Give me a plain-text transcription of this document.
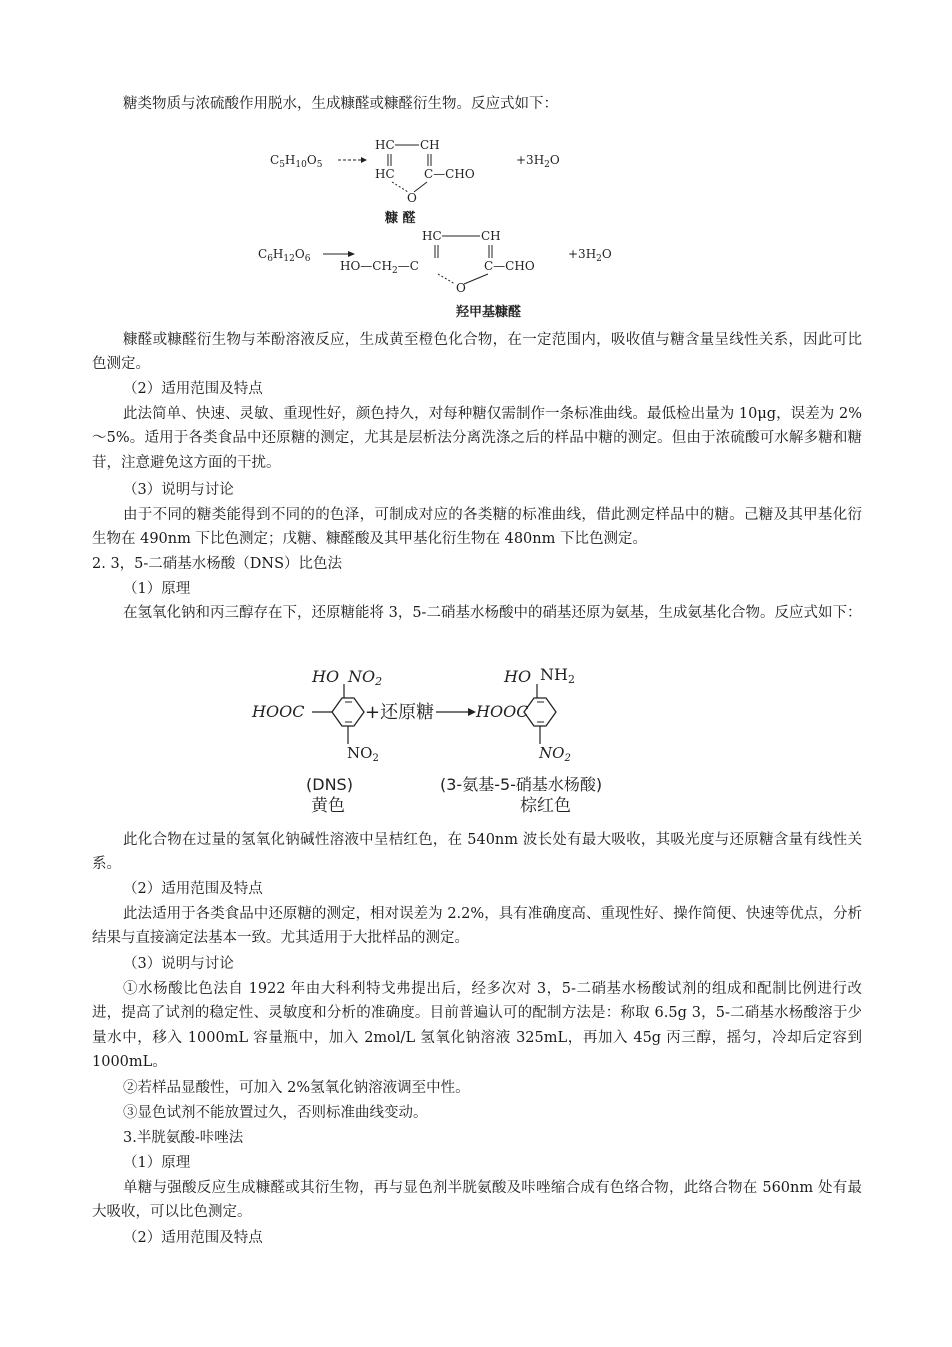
糖类物质与浓硫酸作用脱水，生成糠醛或糠醛衍生物。反应式如下：

$C_5H_{10}O_5$
HC CH
HC C—CHO
O
$+3H_2O$
糠 醛
$C_6H_{12}O_6$
HC	CH
$HO—CH_2—C$	C—CHO
O
$+3H_2O$
羟甲基糠醛

糠醛或糠醛衍生物与苯酚溶液反应，生成黄至橙色化合物，在一定范围内，吸收值与糖含量呈线性关系，因此可比色测定。

（2）适用范围及特点

此法简单、快速、灵敏、重现性好，颜色持久，对每种糖仅需制作一条标准曲线。最低检出量为 10μg，误差为 2%～5%。适用于各类食品中还原糖的测定，尤其是层析法分离洗涤之后的样品中糖的测定。但由于浓硫酸可水解多糖和糖苷，注意避免这方面的干扰。

（3）说明与讨论

由于不同的糖类能得到不同的的色泽，可制成对应的各类糖的标准曲线，借此测定样品中的糖。己糖及其甲基化衍生物在 490nm 下比色测定；戊糖、糠醛酸及其甲基化衍生物在 480nm 下比色测定。

2. 3，5-二硝基水杨酸（DNS）比色法

（1）原理

在氢氧化钠和丙三醇存在下，还原糖能将 3，5-二硝基水杨酸中的硝基还原为氨基，生成氨基化合物。反应式如下：

HO NO2
HOOC
$NO_2$
+还原糖
HO NH2
HOOC
$NO_2$
(DNS)
黄色
(3-氨基-5-硝基水杨酸)
棕红色

此化合物在过量的氢氧化钠碱性溶液中呈桔红色，在 540nm 波长处有最大吸收，其吸光度与还原糖含量有线性关系。

（2）适用范围及特点

此法适用于各类食品中还原糖的测定，相对误差为 2.2%，具有准确度高、重现性好、操作简便、快速等优点，分析结果与直接滴定法基本一致。尤其适用于大批样品的测定。

（3）说明与讨论

①水杨酸比色法自 1922 年由大科利特戈弗提出后，经多次对 3，5-二硝基水杨酸试剂的组成和配制比例进行改进，提高了试剂的稳定性、灵敏度和分析的准确度。目前普遍认可的配制方法是：称取 6.5g 3，5-二硝基水杨酸溶于少量水中，移入 1000mL 容量瓶中，加入 2mol/L 氢氧化钠溶液 325mL，再加入 45g 丙三醇，摇匀，冷却后定容到 1000mL。

②若样品显酸性，可加入 2%氢氧化钠溶液调至中性。

③显色试剂不能放置过久，否则标准曲线变动。

3.半胱氨酸-咔唑法

（1）原理

单糖与强酸反应生成糠醛或其衍生物，再与显色剂半胱氨酸及咔唑缩合成有色络合物，此络合物在 560nm 处有最大吸收，可以比色测定。

（2）适用范围及特点
